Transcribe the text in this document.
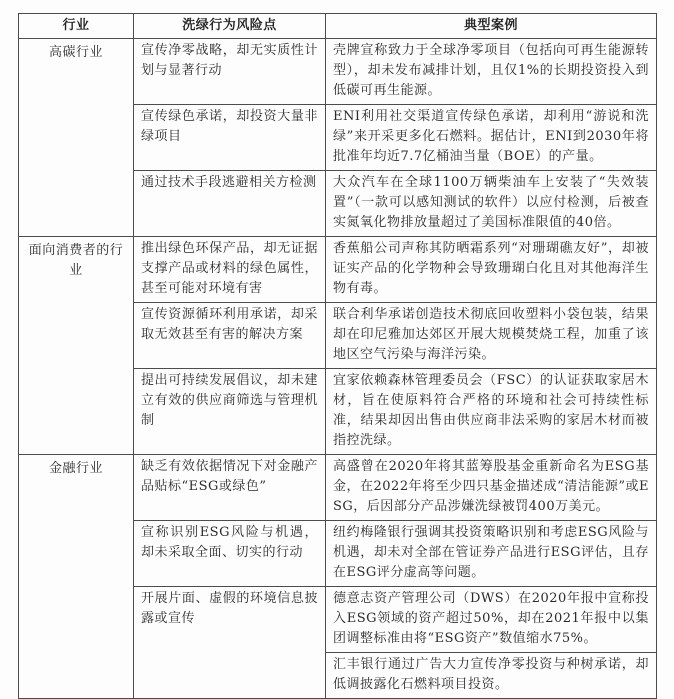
行业	洗绿行为风险点	典型案例
高碳行业	宣传净零战略，却无实质性计划与显著行动	壳牌宣称致力于全球净零项目（包括向可再生能源转型），却未发布减排计划，且仅1%的长期投资投入到低碳可再生能源。
	宣传绿色承诺，却投资大量非绿项目	ENI利用社交渠道宣传绿色承诺，却利用“游说和洗绿”来开采更多化石燃料。据估计，ENI到2030年将批准年均近7.7亿桶油当量（BOE）的产量。
	通过技术手段逃避相关方检测	大众汽车在全球1100万辆柴油车上安装了“失效装置”（一款可以感知测试的软件）以应付检测，后被查实氮氧化物排放量超过了美国标准限值的40倍。
面向消费者的行业	推出绿色环保产品，却无证据支撑产品或材料的绿色属性，甚至可能对环境有害	香蕉船公司声称其防晒霜系列“对珊瑚礁友好”，却被证实产品的化学物种会导致珊瑚白化且对其他海洋生物有毒。
	宣传资源循环利用承诺，却采取无效甚至有害的解决方案	联合利华承诺创造技术彻底回收塑料小袋包装，结果却在印尼雅加达郊区开展大规模焚烧工程，加重了该地区空气污染与海洋污染。
	提出可持续发展倡议，却未建立有效的供应商筛选与管理机制	宜家依赖森林管理委员会（FSC）的认证获取家居木材，旨在使原料符合严格的环境和社会可持续性标准，结果却因出售由供应商非法采购的家居木材而被指控洗绿。
金融行业	缺乏有效依据情况下对金融产品贴标“ESG或绿色”	高盛曾在2020年将其蓝筹股基金重新命名为ESG基金，在2022年将至少四只基金描述成“清洁能源”或ESG，后因部分产品涉嫌洗绿被罚400万美元。
	宣称识别ESG风险与机遇，却未采取全面、切实的行动	纽约梅隆银行强调其投资策略识别和考虑ESG风险与机遇，却未对全部在管证券产品进行ESG评估，且存在ESG评分虚高等问题。
	开展片面、虚假的环境信息披露或宣传	德意志资产管理公司（DWS）在2020年报中宣称投入ESG领域的资产超过50%，却在2021年报中以集团调整标准由将“ESG资产”数值缩水75%。
		汇丰银行通过广告大力宣传净零投资与种树承诺，却低调披露化石燃料项目投资。
